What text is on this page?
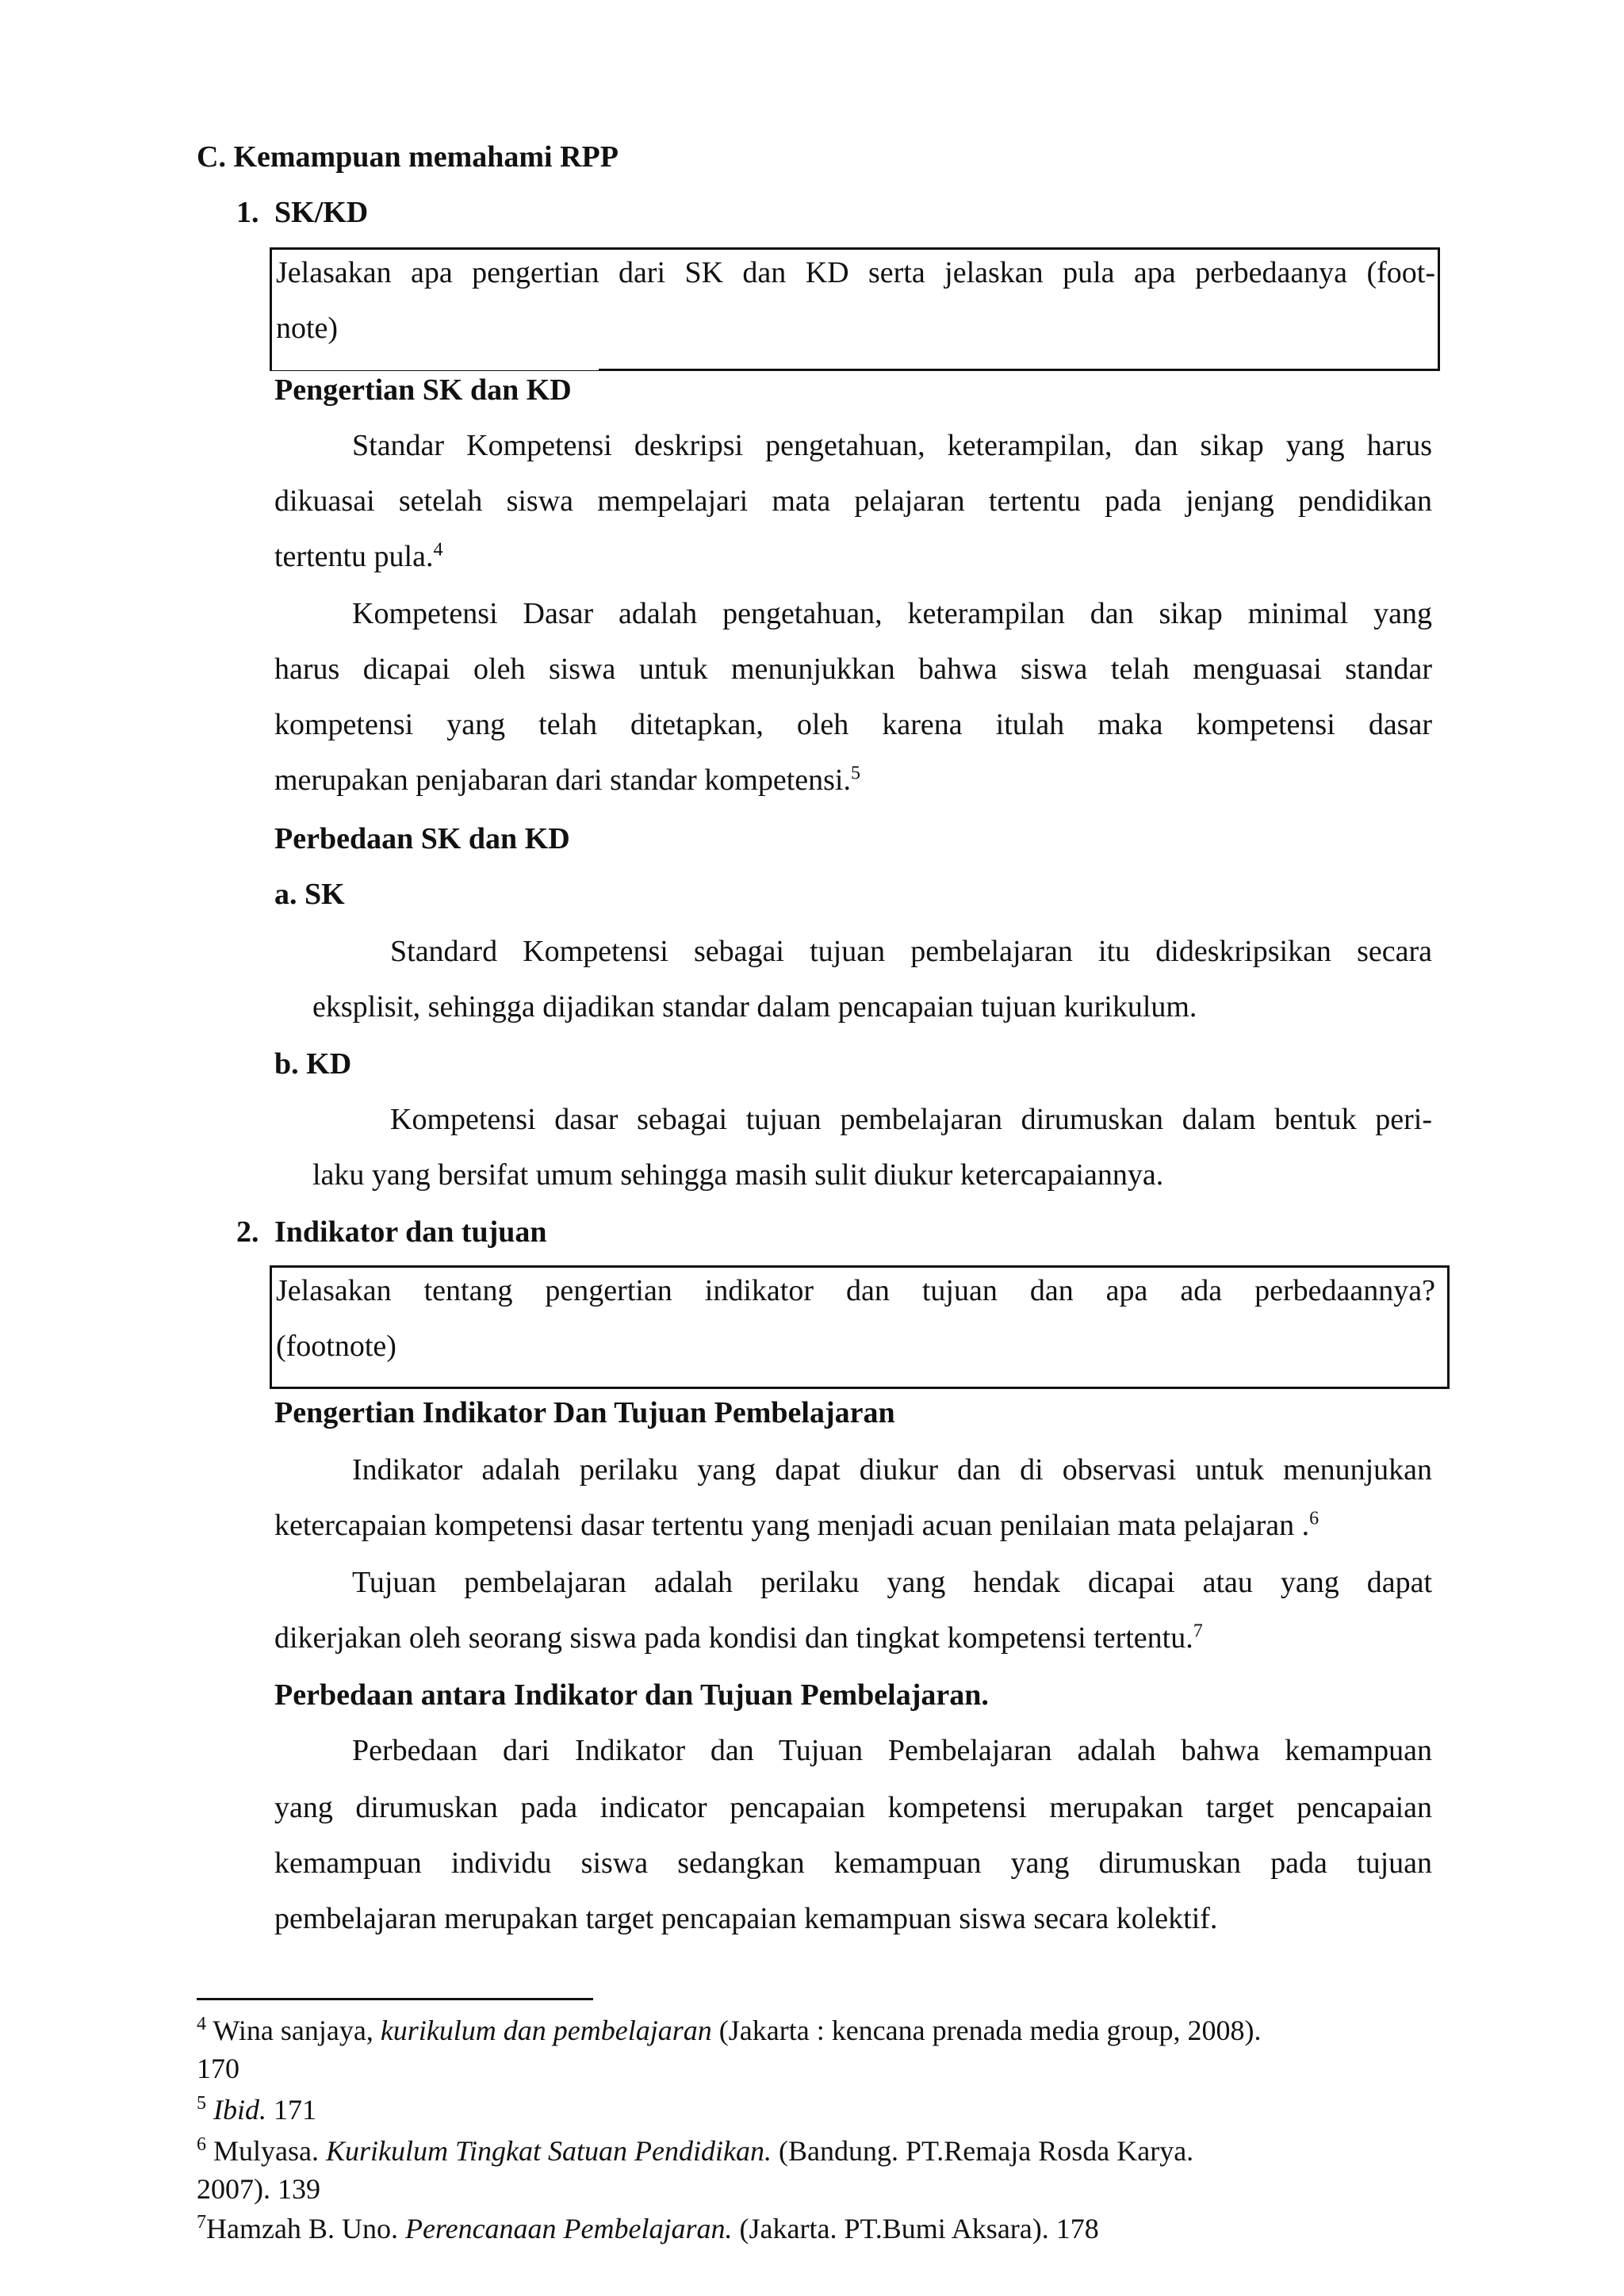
C. Kemampuan memahami RPP
1. SK/KD
Jelasakan apa pengertian dari SK dan KD serta jelaskan pula apa perbedaanya (foot-
note)
Pengertian SK dan KD
Standar Kompetensi deskripsi pengetahuan, keterampilan, dan sikap yang harus
dikuasai setelah siswa mempelajari mata pelajaran tertentu pada jenjang pendidikan
tertentu pula.$^4$
Kompetensi Dasar adalah pengetahuan, keterampilan dan sikap minimal yang
harus dicapai oleh siswa untuk menunjukkan bahwa siswa telah menguasai standar
kompetensi yang telah ditetapkan, oleh karena itulah maka kompetensi dasar
merupakan penjabaran dari standar kompetensi.$^5$
Perbedaan SK dan KD
a. SK
Standard Kompetensi sebagai tujuan pembelajaran itu dideskripsikan secara
eksplisit, sehingga dijadikan standar dalam pencapaian tujuan kurikulum.
b. KD
Kompetensi dasar sebagai tujuan pembelajaran dirumuskan dalam bentuk peri-
laku yang bersifat umum sehingga masih sulit diukur ketercapaiannya.
2. Indikator dan tujuan
Jelasakan tentang pengertian indikator dan tujuan dan apa ada perbedaannya?
(footnote)
Pengertian Indikator Dan Tujuan Pembelajaran
Indikator adalah perilaku yang dapat diukur dan di observasi untuk menunjukan
ketercapaian kompetensi dasar tertentu yang menjadi acuan penilaian mata pelajaran .$^6$
Tujuan pembelajaran adalah perilaku yang hendak dicapai atau yang dapat
dikerjakan oleh seorang siswa pada kondisi dan tingkat kompetensi tertentu.$^7$
Perbedaan antara Indikator dan Tujuan Pembelajaran.
Perbedaan dari Indikator dan Tujuan Pembelajaran adalah bahwa kemampuan
yang dirumuskan pada indicator pencapaian kompetensi merupakan target pencapaian
kemampuan individu siswa sedangkan kemampuan yang dirumuskan pada tujuan
pembelajaran merupakan target pencapaian kemampuan siswa secara kolektif.
$^4$ Wina sanjaya, kurikulum dan pembelajaran (Jakarta : kencana prenada media group, 2008).
170
$^5$ Ibid. 171
$^6$ Mulyasa. Kurikulum Tingkat Satuan Pendidikan. (Bandung. PT.Remaja Rosda Karya.
2007). 139
$^7$Hamzah B. Uno. Perencanaan Pembelajaran. (Jakarta. PT.Bumi Aksara). 178
